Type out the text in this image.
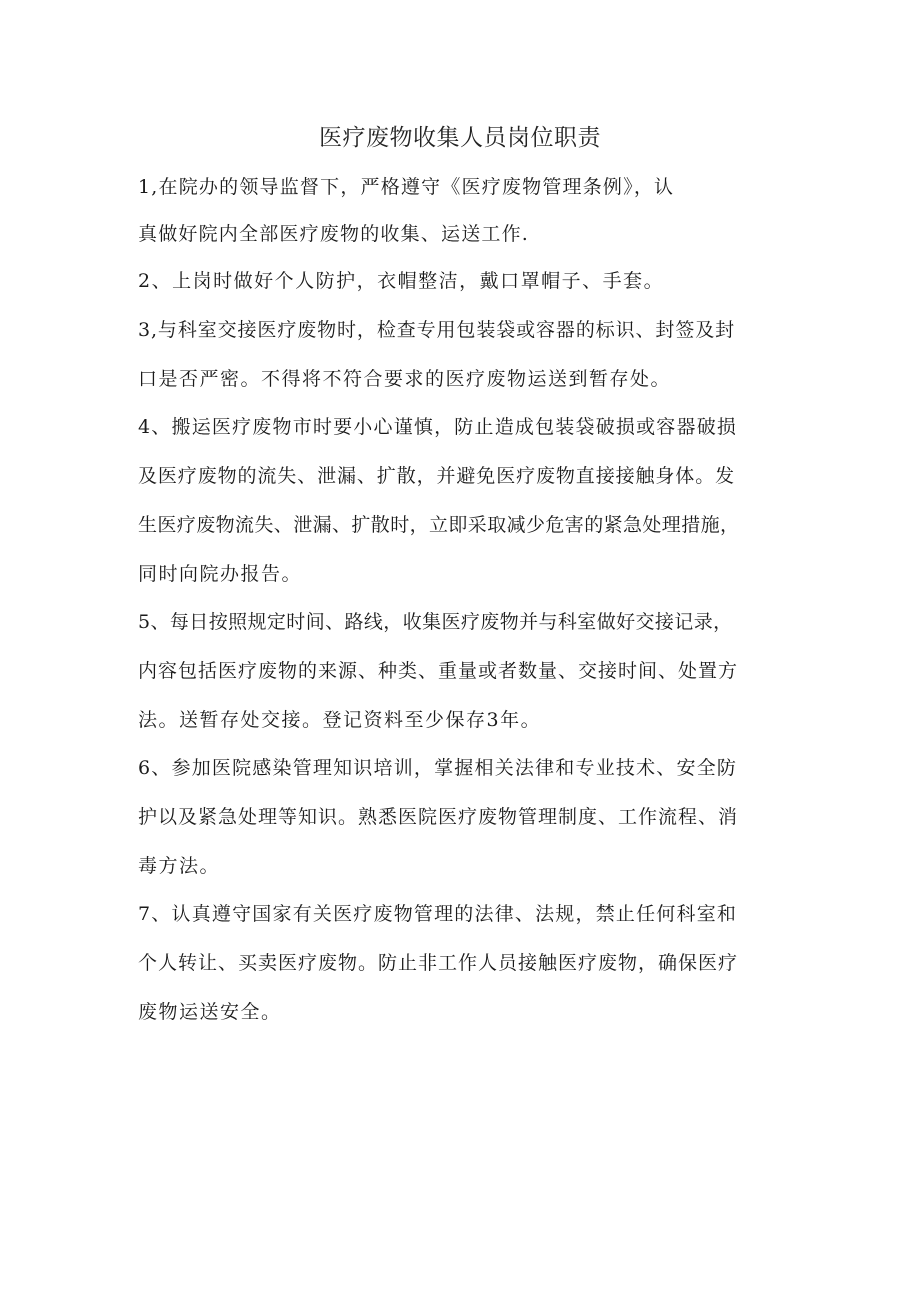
医疗废物收集人员岗位职责
1,在院办的领导监督下，严格遵守《医疗废物管理条例》，认
真做好院内全部医疗废物的收集、运送工作.
2、上岗时做好个人防护，衣帽整洁，戴口罩帽子、手套。
3,与科室交接医疗废物时，检查专用包装袋或容器的标识、封签及封
口是否严密。不得将不符合要求的医疗废物运送到暂存处。
4、搬运医疗废物市时要小心谨慎，防止造成包装袋破损或容器破损
及医疗废物的流失、泄漏、扩散，并避免医疗废物直接接触身体。发
生医疗废物流失、泄漏、扩散时，立即采取减少危害的紧急处理措施，
同时向院办报告。
5、每日按照规定时间、路线，收集医疗废物并与科室做好交接记录，
内容包括医疗废物的来源、种类、重量或者数量、交接时间、处置方
法。送暂存处交接。登记资料至少保存3年。
6、参加医院感染管理知识培训，掌握相关法律和专业技术、安全防
护以及紧急处理等知识。熟悉医院医疗废物管理制度、工作流程、消
毒方法。
7、认真遵守国家有关医疗废物管理的法律、法规，禁止任何科室和
个人转让、买卖医疗废物。防止非工作人员接触医疗废物，确保医疗
废物运送安全。
